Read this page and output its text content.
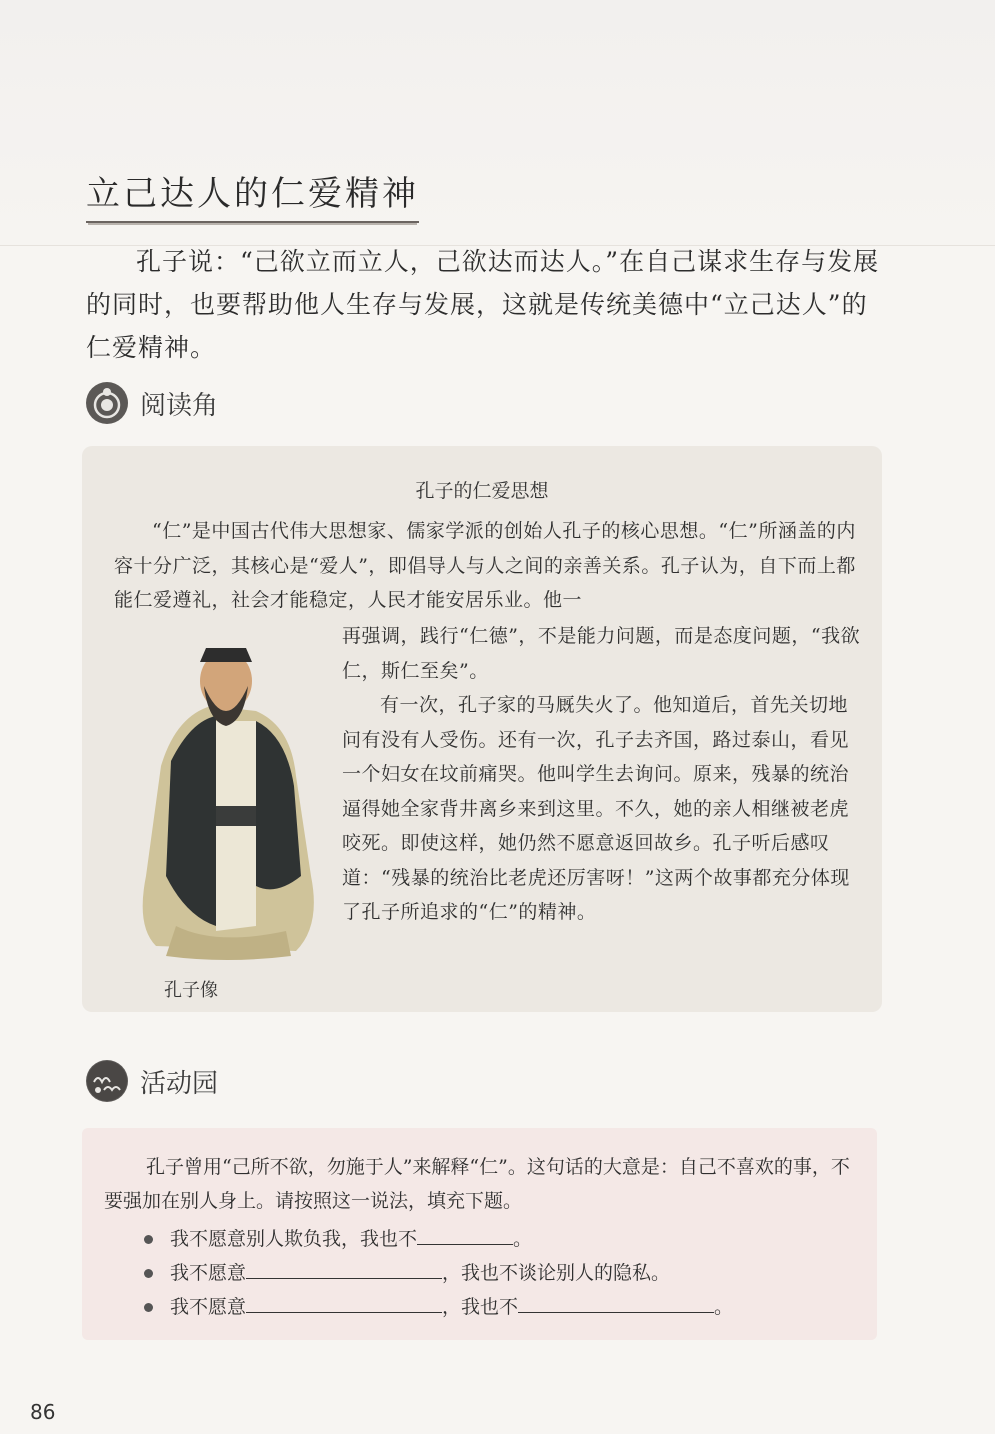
立己达人的仁爱精神

孔子说：“己欲立而立人，己欲达而达人。”在自己谋求生存与发展的同时，也要帮助他人生存与发展，这就是传统美德中“立己达人”的仁爱精神。

阅读角
孔子的仁爱思想

“仁”是中国古代伟大思想家、儒家学派的创始人孔子的核心思想。“仁”所涵盖的内容十分广泛，其核心是“爱人”，即倡导人与人之间的亲善关系。孔子认为，自下而上都能仁爱遵礼，社会才能稳定，人民才能安居乐业。他一

再强调，践行“仁德”，不是能力问题，而是态度问题，“我欲仁，斯仁至矣”。

有一次，孔子家的马厩失火了。他知道后，首先关切地问有没有人受伤。还有一次，孔子去齐国，路过泰山，看见一个妇女在坟前痛哭。他叫学生去询问。原来，残暴的统治逼得她全家背井离乡来到这里。不久，她的亲人相继被老虎咬死。即使这样，她仍然不愿意返回故乡。孔子听后感叹道：“残暴的统治比老虎还厉害呀！”这两个故事都充分体现了孔子所追求的“仁”的精神。

孔子像
活动园

孔子曾用“己所不欲，勿施于人”来解释“仁”。这句话的大意是：自己不喜欢的事，不要强加在别人身上。请按照这一说法，填充下题。

我不愿意别人欺负我，我也不	。
我不愿意	，我也不谈论别人的隐私。
我不愿意	，我也不	。
86
